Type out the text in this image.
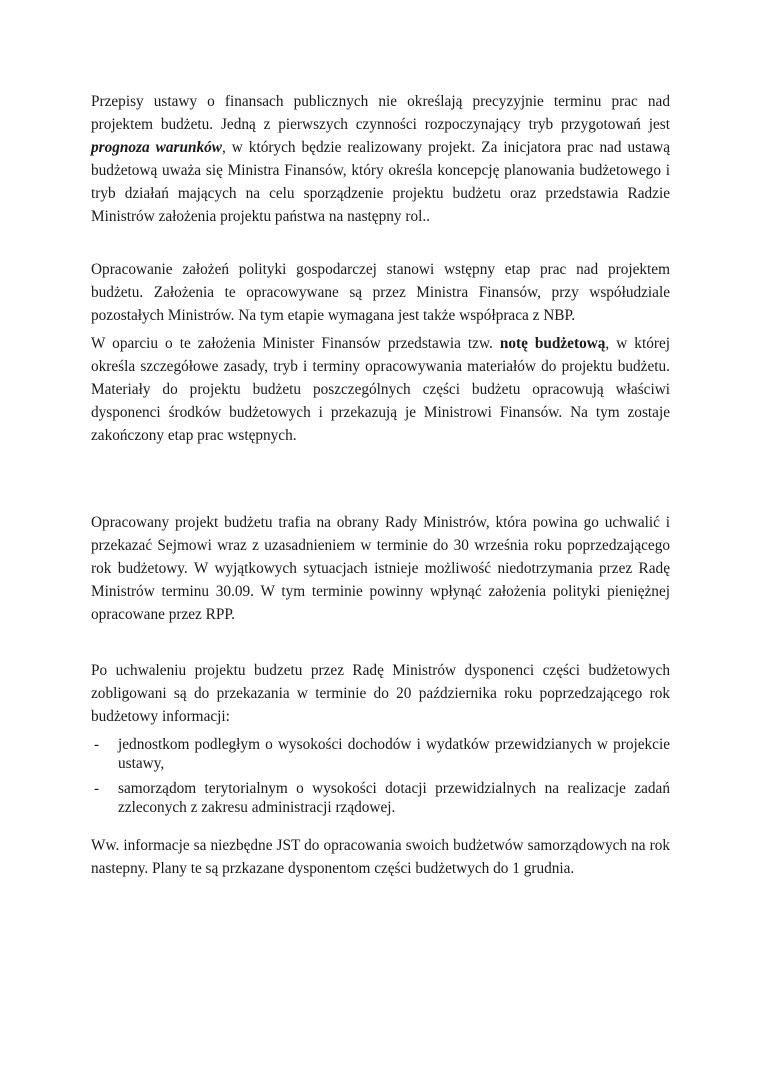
Przepisy ustawy o finansach publicznych nie określają precyzyjnie terminu prac nad projektem budżetu. Jedną z pierwszych czynności rozpoczynający tryb przygotowań jest prognoza warunków, w których będzie realizowany projekt. Za inicjatora prac nad ustawą budżetową uważa się Ministra Finansów, który określa koncepcję planowania budżetowego i tryb działań mających na celu sporządzenie projektu budżetu oraz przedstawia Radzie Ministrów założenia projektu państwa na następny rol..

Opracowanie założeń polityki gospodarczej stanowi wstępny etap prac nad projektem budżetu. Założenia te opracowywane są przez Ministra Finansów, przy współudziale pozostałych Ministrów. Na tym etapie wymagana jest także współpraca z NBP.

W oparciu o te założenia Minister Finansów przedstawia tzw. notę budżetową, w której określa szczegółowe zasady, tryb i terminy opracowywania materiałów do projektu budżetu. Materiały do projektu budżetu poszczególnych części budżetu opracowują właściwi dysponenci środków budżetowych i przekazują je Ministrowi Finansów. Na tym zostaje zakończony etap prac wstępnych.

Opracowany projekt budżetu trafia na obrany Rady Ministrów, która powina go uchwalić i przekazać Sejmowi wraz z uzasadnieniem w terminie do 30 września roku poprzedzającego rok budżetowy. W wyjątkowych sytuacjach istnieje możliwość niedotrzymania przez Radę Ministrów terminu 30.09. W tym terminie powinny wpłynąć założenia polityki pieniężnej opracowane przez RPP.

Po uchwaleniu projektu budzetu przez Radę Ministrów dysponenci części budżetowych zobligowani są do przekazania w terminie do 20 października roku poprzedzającego rok budżetowy informacji:

- jednostkom podległym o wysokości dochodów i wydatków przewidzianych w projekcie ustawy,
- samorządom terytorialnym o wysokości dotacji przewidzialnych na realizacje zadań zzleconych z zakresu administracji rządowej.

Ww. informacje sa niezbędne JST do opracowania swoich budżetwów samorządowych na rok nastepny. Plany te są przkazane dysponentom części budżetwych do 1 grudnia.
